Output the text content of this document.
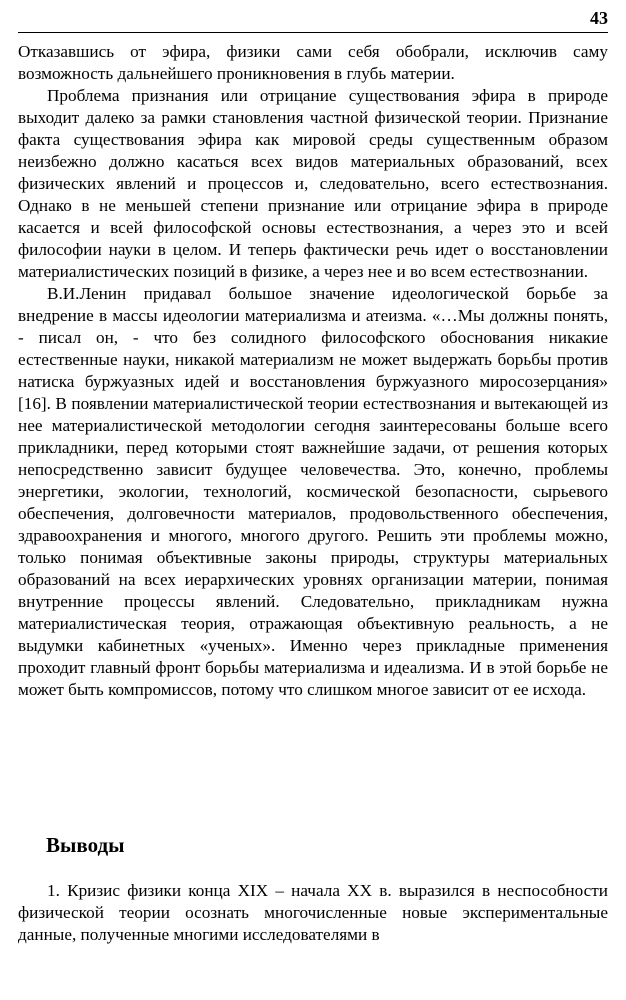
43

Отказавшись от эфира, физики сами себя обобрали, исключив саму возможность дальнейшего проникновения в глубь материи.

Проблема признания или отрицание существования эфира в природе выходит далеко за рамки становления частной физической теории. Признание факта существования эфира как мировой среды существенным образом неизбежно должно касаться всех видов материальных образований, всех физических явлений и процессов и, следовательно, всего естествознания. Однако в не меньшей степени признание или отрицание эфира в природе касается и всей философской основы естествознания, а через это и всей философии науки в целом. И теперь фактически речь идет о восстановлении материалистических позиций в физике, а через нее и во всем естествознании.

В.И.Ленин придавал большое значение идеологической борьбе за внедрение в массы идеологии материализма и атеизма. «…Мы должны понять, - писал он, - что без солидного философского обоснования никакие естественные науки, никакой материализм не может выдержать борьбы против натиска буржуазных идей и восстановления буржуазного миросозерцания» [16]. В появлении материалистической теории естествознания и вытекающей из нее материалистической методологии сегодня заинтересованы больше всего прикладники, перед которыми стоят важнейшие задачи, от решения которых непосредственно зависит будущее человечества. Это, конечно, проблемы энергетики, экологии, технологий, космической безопасности, сырьевого обеспечения, долговечности материалов, продовольственного обеспечения, здравоохранения и многого, многого другого. Решить эти проблемы можно, только понимая объективные законы природы, структуры материальных образований на всех иерархических уровнях организации материи, понимая внутренние процессы явлений. Следовательно, прикладникам нужна материалистическая теория, отражающая объективную реальность, а не выдумки кабинетных «ученых». Именно через прикладные применения проходит главный фронт борьбы материализма и идеализма. И в этой борьбе не может быть компромиссов, потому что слишком многое зависит от ее исхода.

Выводы

1. Кризис физики конца XIX – начала XX в. выразился в неспособности физической теории осознать многочисленные новые экспериментальные данные, полученные многими исследователями в
